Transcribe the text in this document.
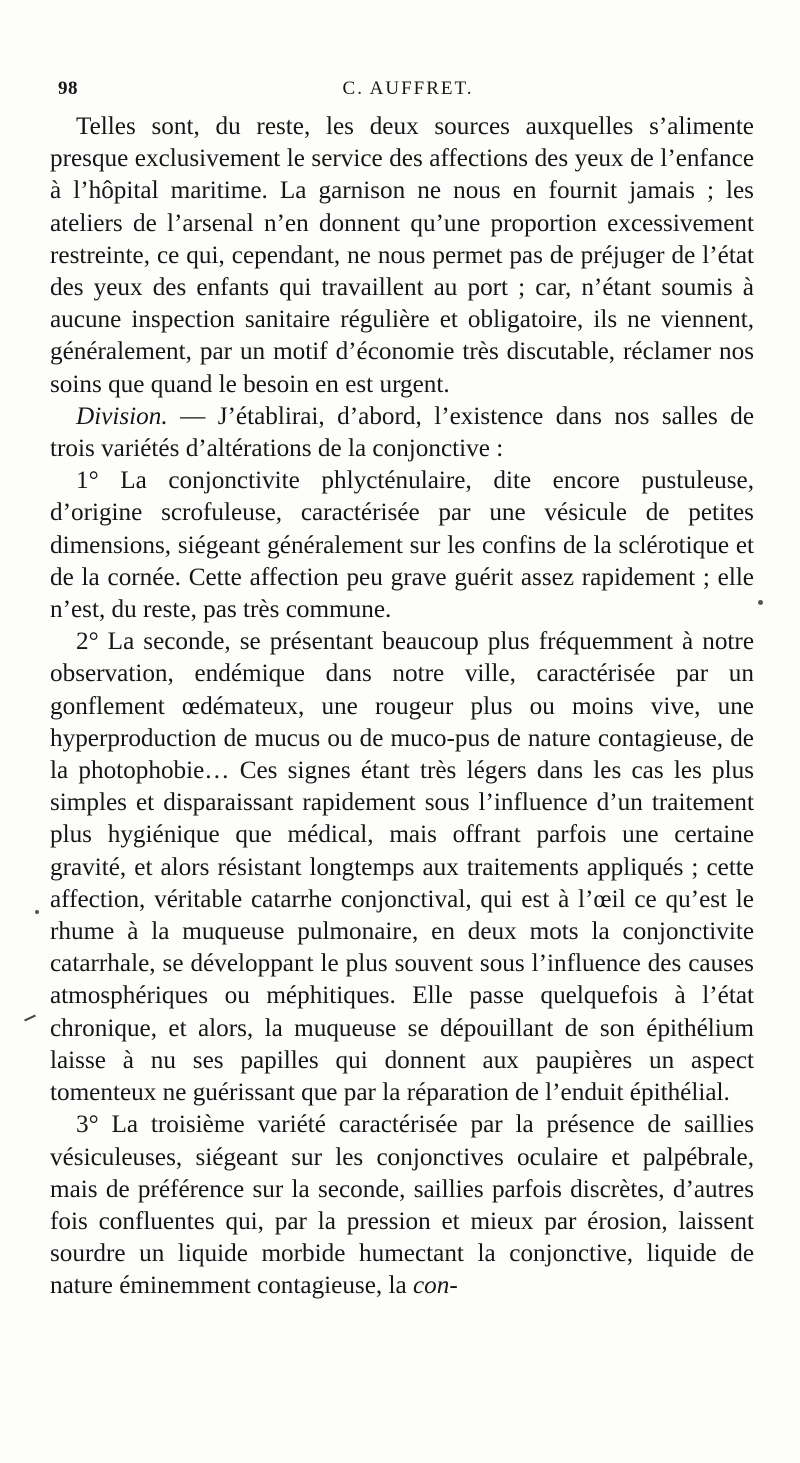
98	C. AUFFRET.

Telles sont, du reste, les deux sources auxquelles s’alimente presque exclusivement le service des affections des yeux de l’enfance à l’hôpital maritime. La garnison ne nous en fournit jamais ; les ateliers de l’arsenal n’en donnent qu’une proportion excessivement restreinte, ce qui, cependant, ne nous permet pas de préjuger de l’état des yeux des enfants qui travaillent au port ; car, n’étant soumis à aucune inspection sanitaire régulière et obligatoire, ils ne viennent, généralement, par un motif d’économie très discutable, réclamer nos soins que quand le besoin en est urgent.

Division. — J’établirai, d’abord, l’existence dans nos salles de trois variétés d’altérations de la conjonctive :

1° La conjonctivite phlycténulaire, dite encore pustuleuse, d’origine scrofuleuse, caractérisée par une vésicule de petites dimensions, siégeant généralement sur les confins de la sclérotique et de la cornée. Cette affection peu grave guérit assez rapidement ; elle n’est, du reste, pas très commune.

2° La seconde, se présentant beaucoup plus fréquemment à notre observation, endémique dans notre ville, caractérisée par un gonflement œdémateux, une rougeur plus ou moins vive, une hyperproduction de mucus ou de muco-pus de nature contagieuse, de la photophobie… Ces signes étant très légers dans les cas les plus simples et disparaissant rapidement sous l’influence d’un traitement plus hygiénique que médical, mais offrant parfois une certaine gravité, et alors résistant longtemps aux traitements appliqués ; cette affection, véritable catarrhe conjonctival, qui est à l’œil ce qu’est le rhume à la muqueuse pulmonaire, en deux mots la conjonctivite catarrhale, se développant le plus souvent sous l’influence des causes atmosphériques ou méphitiques. Elle passe quelquefois à l’état chronique, et alors, la muqueuse se dépouillant de son épithélium laisse à nu ses papilles qui donnent aux paupières un aspect tomenteux ne guérissant que par la réparation de l’enduit épithélial.

3° La troisième variété caractérisée par la présence de saillies vésiculeuses, siégeant sur les conjonctives oculaire et palpébrale, mais de préférence sur la seconde, saillies parfois discrètes, d’autres fois confluentes qui, par la pression et mieux par érosion, laissent sourdre un liquide morbide humectant la conjonctive, liquide de nature éminemment contagieuse, la con-
